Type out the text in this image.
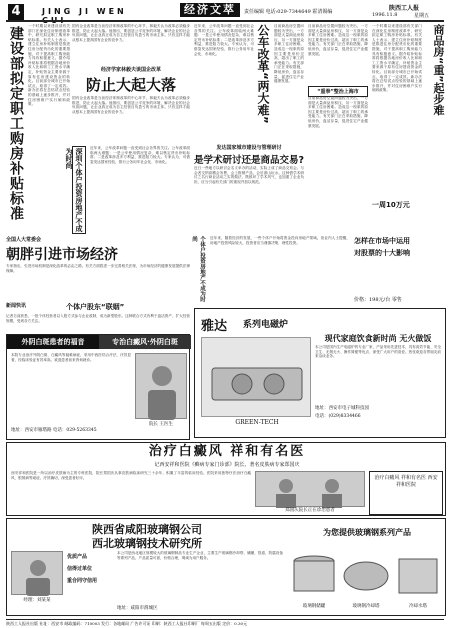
4	JING JI WEN	经济文萃	责任编辑 电话:029-7344649 霍清锡编	陕西工人报
1996.11.8	星期五
建设部拟定职工购房补贴标准	一个时期以来建设部有关部门在深化住房制度改革中，研究拟定职工购房补贴标准。有关人士表示，建立住房补贴制度是推进住房分配货币化的重要措施，对于提高职工购房能力具有积极意义。据介绍补贴标准将根据各地房价收入比和职工工资水平确定，补贴资金主要来源于原有住房建设资金的转化。目前部分城市已开始试点，取得了一定成效。新办法将在总结试点经验的基础上逐步推开，并对住房困难户实行倾斜政策。
国有企业改革是当前经济体制改革的中心环节，林毅夫认为改革必须稳步推进，防止大起大落。他指出，要创造公平竞争的环境，解决企业的社会负担问题，让企业真正成为自主经营自负盈亏的市场主体。只有这样才能从根本上提高国有企业的竞争力。
经济学家林毅夫谈国企改革
防止大起大落
国有企业改革是当前经济体制改革的中心环节，林毅夫认为改革必须稳步推进，防止大起大落。他指出，要创造公平竞争的环境，解决企业的社会负担问题，让企业真正成为自主经营自负盈亏的市场主体。只有这样才能从根本上提高国有企业的竞争力。
深圳个体户投资房地产不成为时尚	近年来，公车改革问题一直受到社会各界的关注。公车改革面临两大难题：一是公车使用情况复杂，难以核定货币补贴标准；二是改革涉及多方利益，推进阻力较大。专家认为，可借鉴发达国家经验，推行公务用车社会化、市场化。
近年来，公车改革问题一直受到社会各界的关注。公车改革面临两大难题：一是公车使用情况复杂，难以核定货币补贴标准；二是改革涉及多方利益，推进阻力较大。专家认为，可借鉴发达国家经验，推行公务用车社会化、市场化。	公车改革“两大难”	目前商品房空置问题较为突出，一方面是大量商品房积压，另一方面是众多职工住房困难。造成这一现象的原因主要是房价过高，超出了职工的承受能力。有关部门正在采取措施，降低房价，盘活存量，促进住宅产业健康发展。
目前商品房空置问题较为突出，一方面是大量商品房积压，另一方面是众多职工住房困难。造成这一现象的原因主要是房价过高，超出了职工的承受能力。有关部门正在采取措施，降低房价，盘活存量，促进住宅产业健康发展。
“重拳”整治上海市
目前商品房空置问题较为突出，一方面是大量商品房积压，另一方面是众多职工住房困难。造成这一现象的原因主要是房价过高，超出了职工的承受能力。有关部门正在采取措施，降低房价，盘活存量，促进住宅产业健康发展。
一个时期以来建设部有关部门在深化住房制度改革中，研究拟定职工购房补贴标准。有关人士表示，建立住房补贴制度是推进住房分配货币化的重要措施，对于提高职工购房能力具有积极意义。据介绍补贴标准将根据各地房价收入比和职工工资水平确定，补贴资金主要来源于原有住房建设资金的转化。目前部分城市已开始试点，取得了一定成效。新办法将在总结试点经验的基础上逐步推开，并对住房困难户实行倾斜政策。	商品房“重”起步难
一周10万元
发达国家城市建设与管理研讨
是学术研讨还是商品交易?
近日一些地方以研讨会名义举办的活动，实际上成了商品交易会。与会者交纳高额会务费，会上推销产品，会后游山玩水。这种借学术研讨之名行商业活动之实的做法，既败坏了学术风气，也加重了企业负担，应当引起有关部门的重视并加以规范。
全国人大常委会
朝胖引进市场经济
专家指出，引进市场机制是深化改革的必由之路。有关方面将进一步完善相关法规，为市场经济的健康发展提供法律保障。	个体户投资房地产不成为时尚	近年来，随着经济的发展，一些个体户开始将资金投向房地产领域。但业内人士提醒，房地产投资风险较大，投资者应当谨慎决策，理性投资。	怎样在市场中运用
对股票的十大影响
价格：198元/台 零售
雅达	系列电磁炉
现代家庭饮食新时尚 无火做饭
GREEN-TECH
本公司是国内生产电磁炉的专业厂家，产品采用先进技术，具有高效节能、安全卫生、无烟无火、操作简便等优点，深受广大用户的喜爱。热忱欢迎各界朋友前来洽谈业务。
地址：西安市电子城科技园
电话：(029)8334466
新闻快讯	个体户股东“联姻”
记者日前获悉，一批个体经营者以入股方式参与企业改制，成为新型股东。这种联合方式有利于盘活资产，扩大经营规模，受到各方关注。
外阴白斑患者的福音	专治白癜风·外阴白斑
本院专业治疗外阴白斑、白癜风等疑难病症，采用中西医结合疗法，疗效显著，经临床验证有效率高。欢迎患者前来咨询就诊。
院长 王医生
地址：西安市雁塔路 电话：029-5263345
治疗白癜风 祥和有名医
记西安祥和医院《癣病专家门诊部》院长、著名皮肤病专家郑国庆
西安祥和医院是一所以治疗皮肤病为主的专科医院，院长郑国庆从事皮肤病临床研究三十余年，积累了丰富的临床经验。医院采用独特疗法治疗白癜风、银屑病等顽症，疗效确切，深受患者好评。
郑国庆院长正在诊治患者
治疗白癜风 祥和有名医 西安祥和医院
陕西省咸阳玻璃钢公司
西北玻璃钢技术研究所
为您提供玻璃钢系列产品
经理：刘某某
优质产品
信得过单位
重合同守信用
本公司是西北地区规模较大的玻璃钢制品专业生产企业，主要生产玻璃钢冷却塔、储罐、管道、防腐设备等系列产品，产品质量可靠，价格合理，竭诚为用户服务。
地址：咸阳市渭城区	玻璃钢储罐	玻璃钢冷却塔	冷却水塔
陕西工人报社出版 社址：西安市 邮政编码：710003 发行：各地邮局 广告许可证 印刷：陕西工人报社印刷厂 每周五出版 定价：0.30元
